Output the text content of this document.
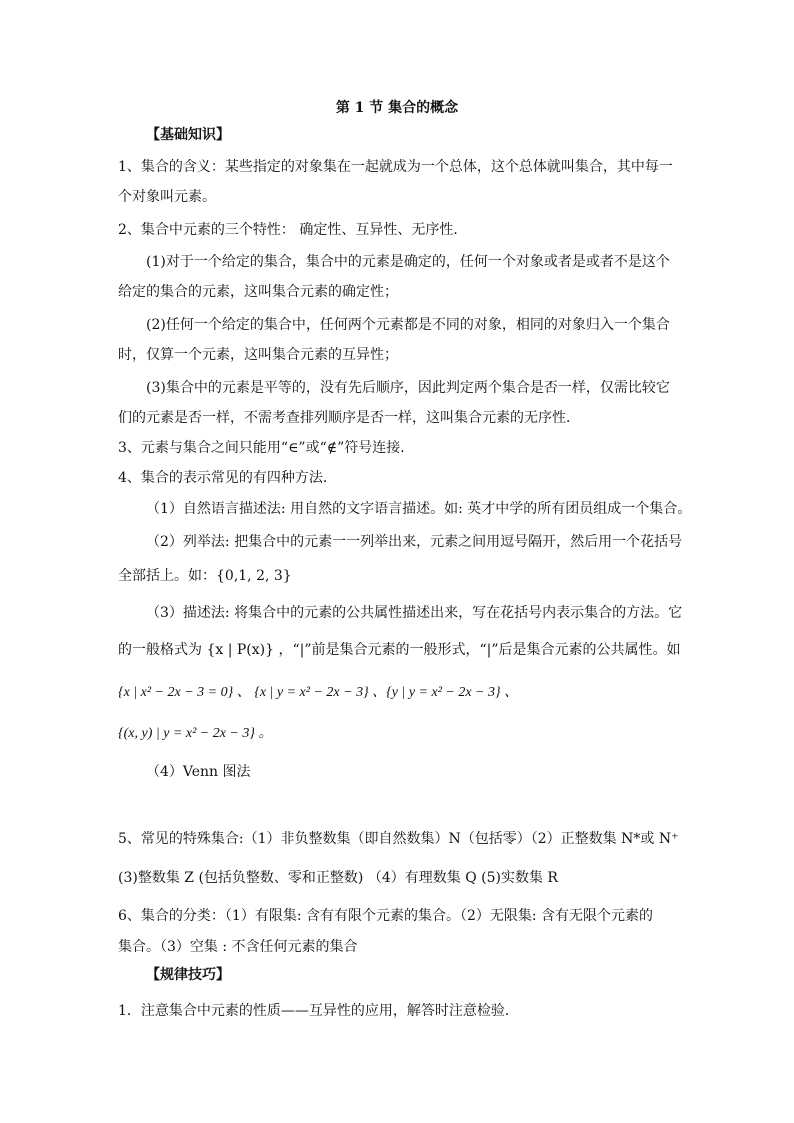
第 1 节 集合的概念
【基础知识】
1、集合的含义：某些指定的对象集在一起就成为一个总体，这个总体就叫集合，其中每一
个对象叫元素。
2、集合中元素的三个特性： 确定性、互异性、无序性．
(1)对于一个给定的集合，集合中的元素是确定的，任何一个对象或者是或者不是这个
给定的集合的元素，这叫集合元素的确定性；
(2)任何一个给定的集合中，任何两个元素都是不同的对象，相同的对象归入一个集合
时，仅算一个元素，这叫集合元素的互异性；
(3)集合中的元素是平等的，没有先后顺序，因此判定两个集合是否一样，仅需比较它
们的元素是否一样，不需考查排列顺序是否一样，这叫集合元素的无序性．
3、元素与集合之间只能用“∈”或“∉”符号连接．
4、集合的表示常见的有四种方法．
（1）自然语言描述法: 用自然的文字语言描述。如: 英才中学的所有团员组成一个集合。
（2）列举法: 把集合中的元素一一列举出来，元素之间用逗号隔开，然后用一个花括号
全部括上。如：{0,1, 2, 3}
（3）描述法: 将集合中的元素的公共属性描述出来，写在花括号内表示集合的方法。它
的一般格式为 {x | P(x)} ，“|”前是集合元素的一般形式，“|”后是集合元素的公共属性。如
{x | x² − 2x − 3 = 0} 、 {x | y = x² − 2x − 3} 、{y | y = x² − 2x − 3} 、
{(x, y) | y = x² − 2x − 3} 。
（4）Venn 图法
5、常见的特殊集合:（1）非负整数集（即自然数集）N（包括零）（2）正整数集 N*或 N⁺
(3)整数集 Z (包括负整数、零和正整数) （4）有理数集 Q (5)实数集 R
6、集合的分类：（1）有限集: 含有有限个元素的集合。（2）无限集: 含有无限个元素的
集合。（3）空集 : 不含任何元素的集合
【规律技巧】
1．注意集合中元素的性质——互异性的应用，解答时注意检验．
